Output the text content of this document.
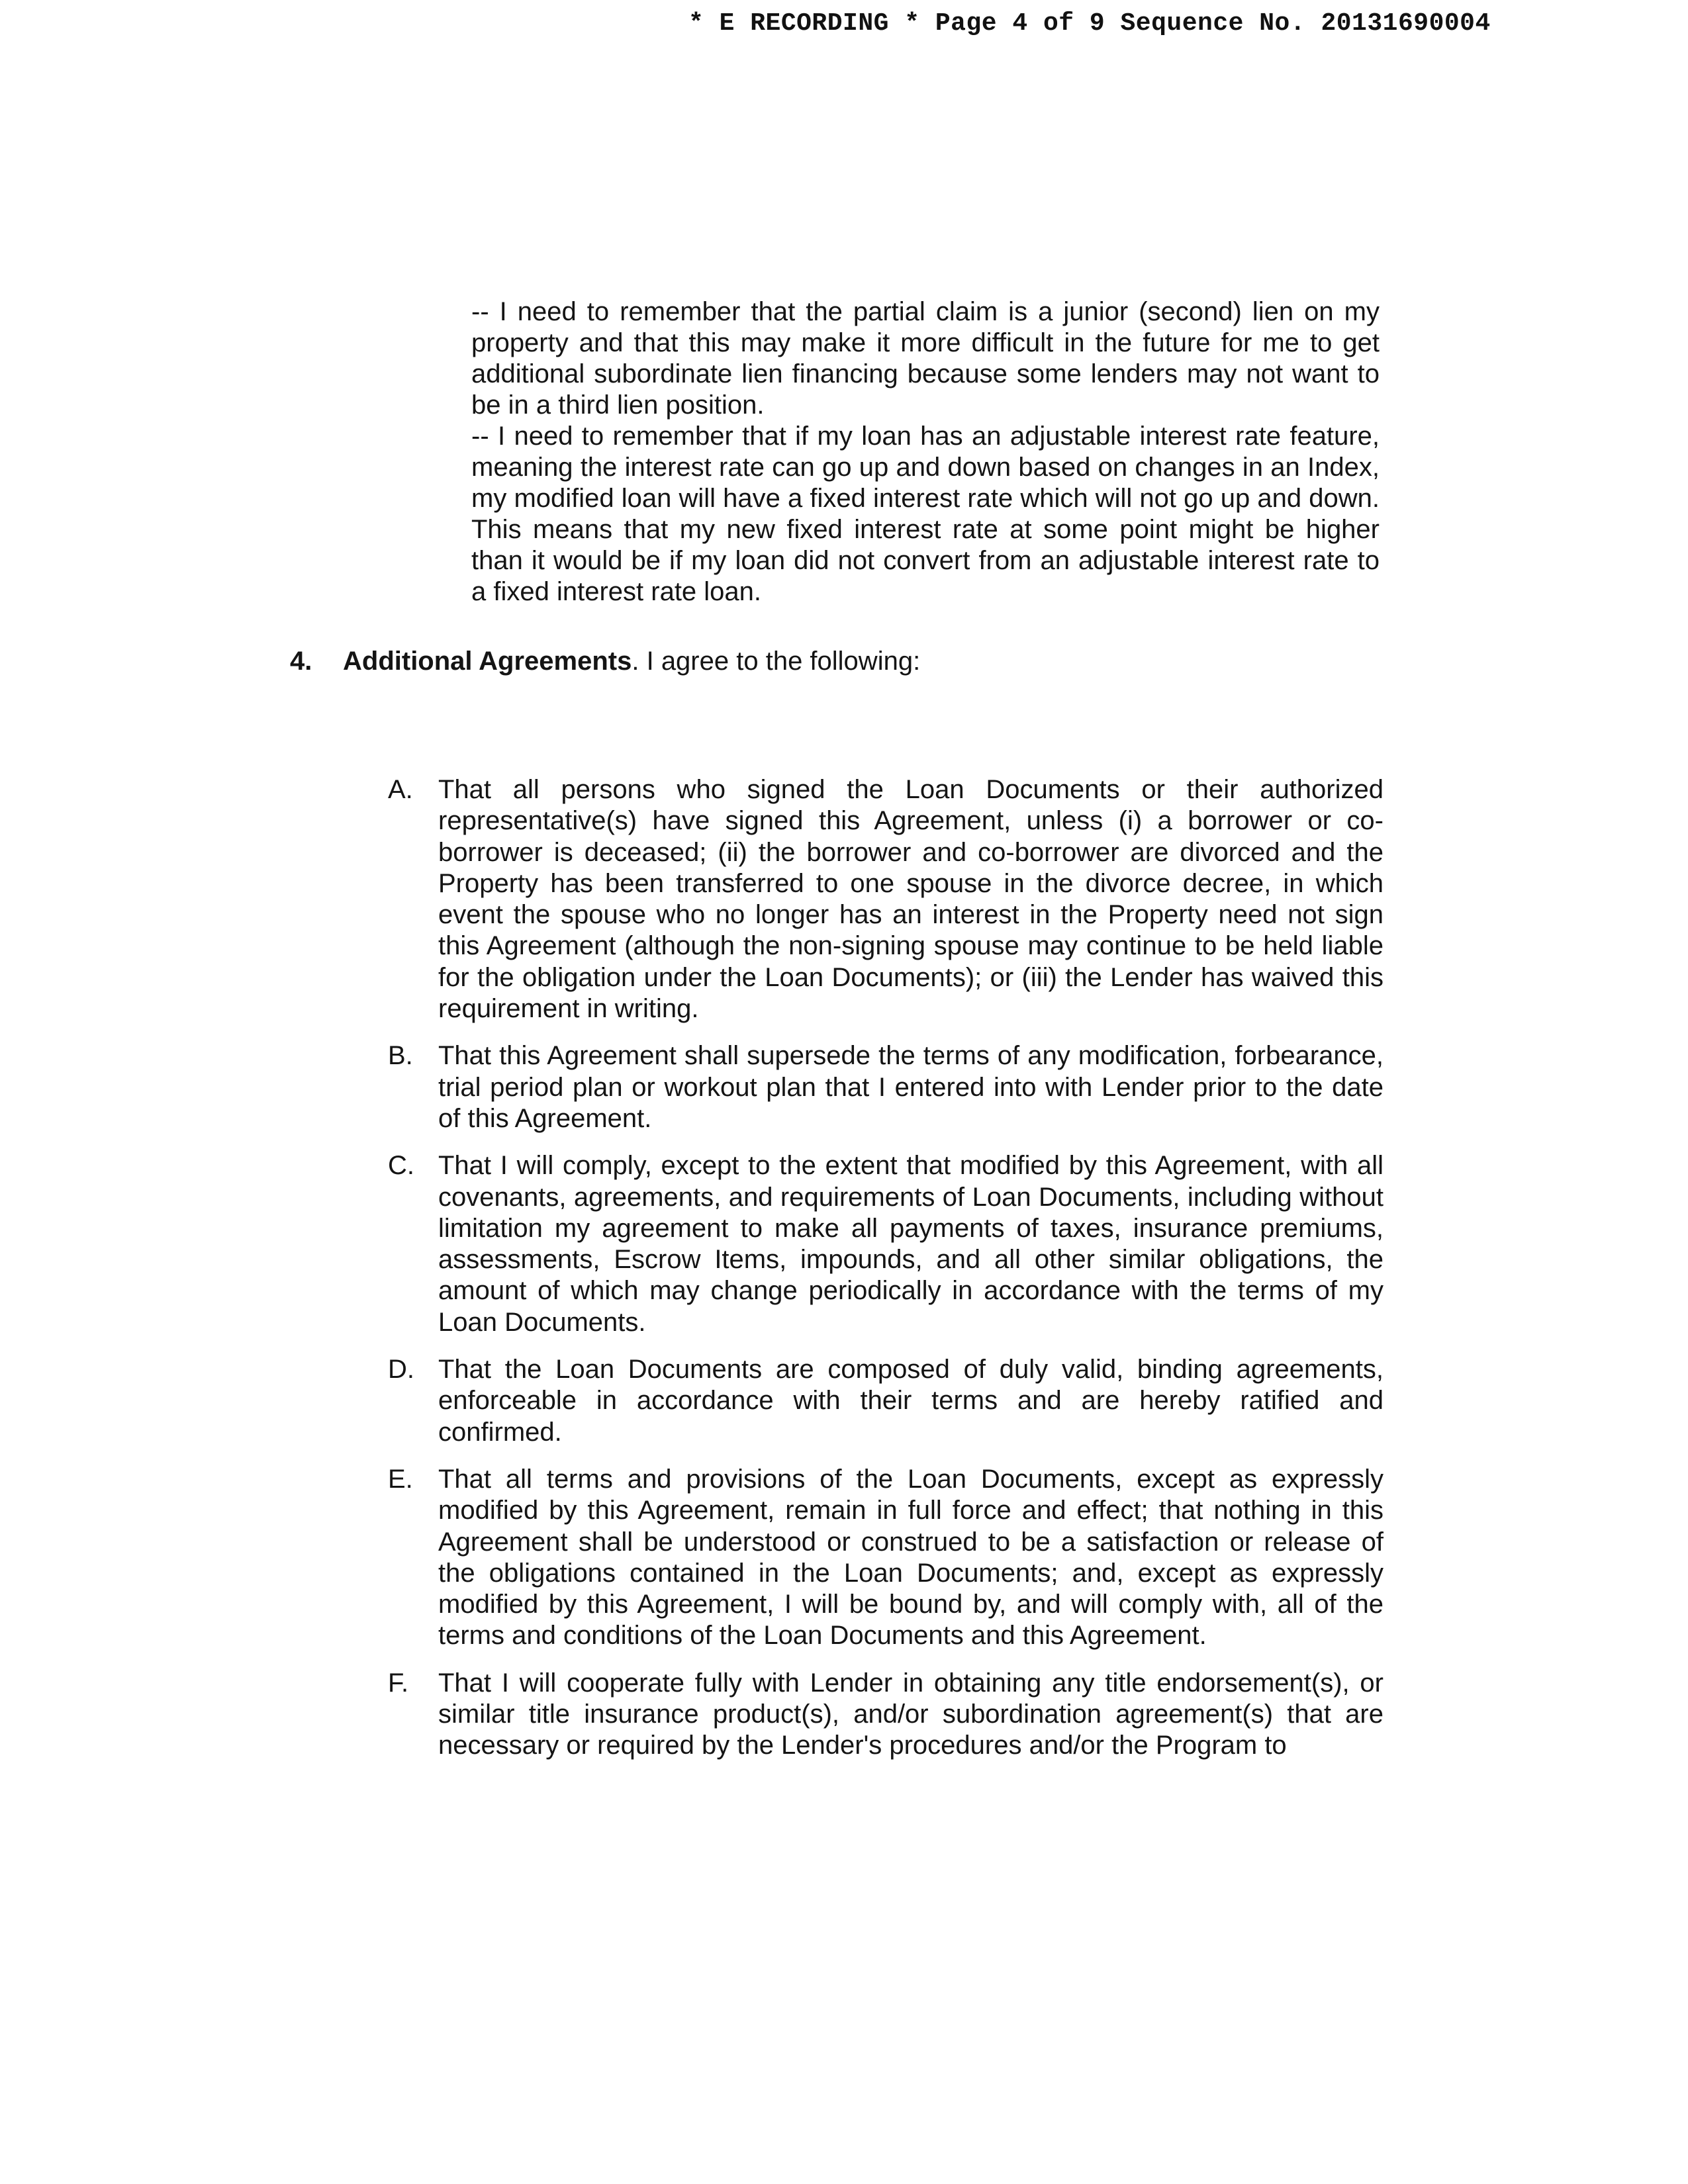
* E RECORDING * Page 4 of 9 Sequence No. 20131690004

-- I need to remember that the partial claim is a junior (second) lien on my property and that this may make it more difficult in the future for me to get additional subordinate lien financing because some lenders may not want to be in a third lien position.

-- I need to remember that if my loan has an adjustable interest rate feature, meaning the interest rate can go up and down based on changes in an Index, my modified loan will have a fixed interest rate which will not go up and down. This means that my new fixed interest rate at some point might be higher than it would be if my loan did not convert from an adjustable interest rate to a fixed interest rate loan.

4. Additional Agreements. I agree to the following:
A. That all persons who signed the Loan Documents or their authorized representative(s) have signed this Agreement, unless (i) a borrower or co-borrower is deceased; (ii) the borrower and co-borrower are divorced and the Property has been transferred to one spouse in the divorce decree, in which event the spouse who no longer has an interest in the Property need not sign this Agreement (although the non-signing spouse may continue to be held liable for the obligation under the Loan Documents); or (iii) the Lender has waived this requirement in writing.
B. That this Agreement shall supersede the terms of any modification, forbearance, trial period plan or workout plan that I entered into with Lender prior to the date of this Agreement.
C. That I will comply, except to the extent that modified by this Agreement, with all covenants, agreements, and requirements of Loan Documents, including without limitation my agreement to make all payments of taxes, insurance premiums, assessments, Escrow Items, impounds, and all other similar obligations, the amount of which may change periodically in accordance with the terms of my Loan Documents.
D. That the Loan Documents are composed of duly valid, binding agreements, enforceable in accordance with their terms and are hereby ratified and confirmed.
E. That all terms and provisions of the Loan Documents, except as expressly modified by this Agreement, remain in full force and effect; that nothing in this Agreement shall be understood or construed to be a satisfaction or release of the obligations contained in the Loan Documents; and, except as expressly modified by this Agreement, I will be bound by, and will comply with, all of the terms and conditions of the Loan Documents and this Agreement.
F.	That I will cooperate fully with Lender in obtaining any title endorsement(s), or similar title insurance product(s), and/or subordination agreement(s) that are necessary or required by the Lender's procedures and/or the Program to
